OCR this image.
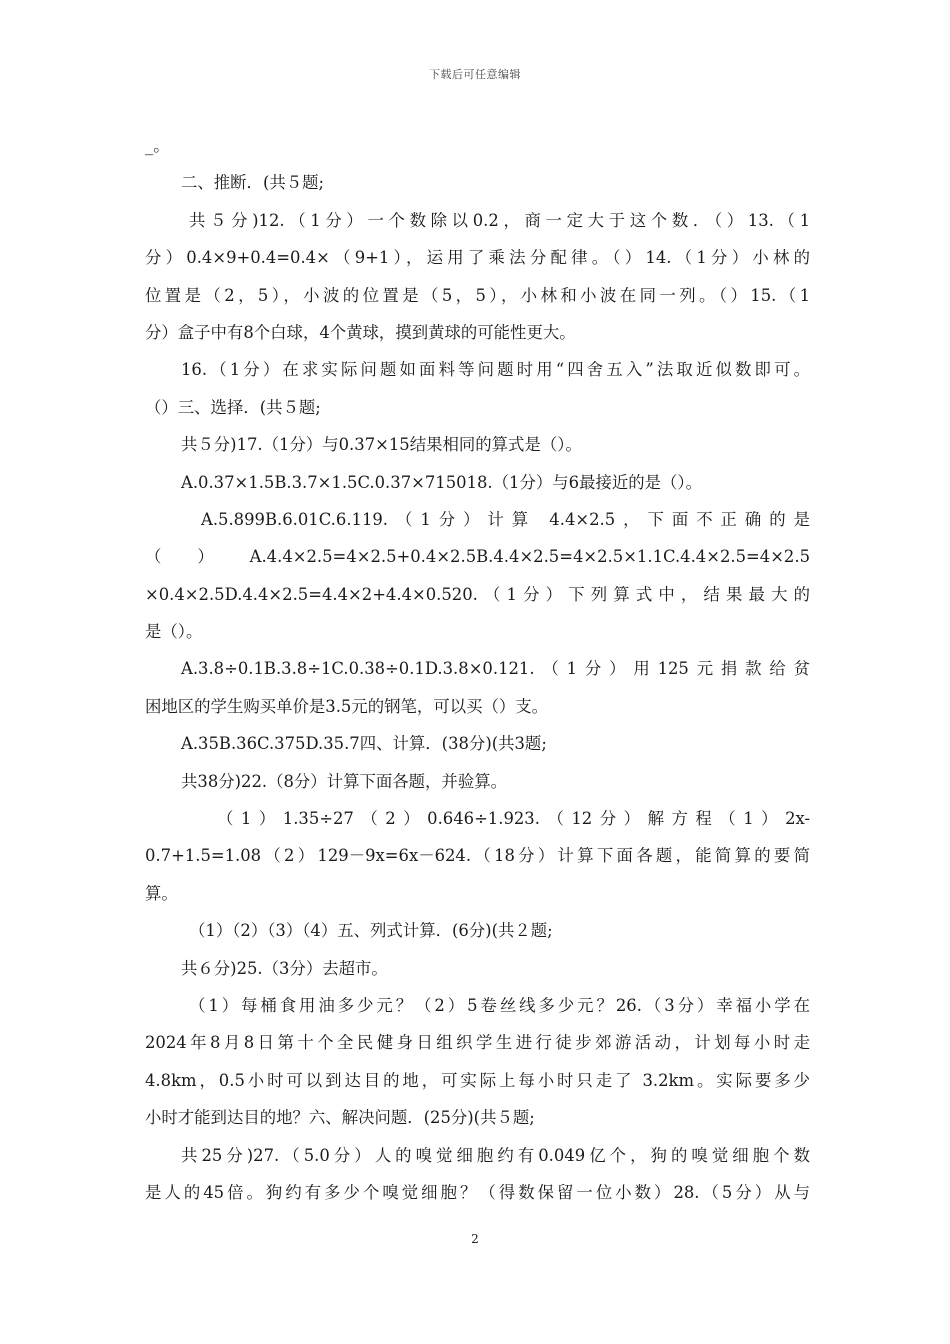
下载后可任意编辑
_。
二、推断．(共５题;
共５分)12.（1分）一个数除以0.2，商一定大于这个数．（）13.（1
分）0.4×9+0.4=0.4×（9+1），运用了乘法分配律。（）14.（1分）小林的
位置是（2，5），小波的位置是（5，5），小林和小波在同一列。（）15.（1
分）盒子中有8个白球，4个黄球，摸到黄球的可能性更大。
16.（1分）在求实际问题如面料等问题时用“四舍五入”法取近似数即可。
（）三、选择．(共５题;
共５分)17.（1分）与0.37×15结果相同的算式是（）。
A.0.37×1.5B.3.7×1.5C.0.37×715018.（1分）与6最接近的是（）。
A.5.899B.6.01C.6.119.（1分）计算 4.4×2.5，下面不正确的是
（）A.4.4×2.5=4×2.5+0.4×2.5B.4.4×2.5=4×2.5×1.1C.4.4×2.5=4×2.5
×0.4×2.5D.4.4×2.5=4.4×2+4.4×0.520.（1分）下列算式中，结果最大的
是（）。
A.3.8÷0.1B.3.8÷1C.0.38÷0.1D.3.8×0.121.（1分）用125元捐款给贫
困地区的学生购买单价是3.5元的钢笔，可以买（）支。
A.35B.36C.375D.35.7四、计算．(38分)(共3题;
共38分)22.（8分）计算下面各题，并验算。
（1）1.35÷27（2）0.646÷1.923.（12分）解方程（1）2x-
0.7+1.5=1.08（2）129－9x=6x－624.（18分）计算下面各题，能简算的要简
算。
（1）（2）（3）（4）五、列式计算．(6分)(共２题;
共６分)25.（3分）去超市。
（1）每桶食用油多少元？（2）5卷丝线多少元？26.（3分）幸福小学在
2024年8月8日第十个全民健身日组织学生进行徒步郊游活动，计划每小时走
4.8km，0.5小时可以到达目的地，可实际上每小时只走了 3.2km。实际要多少
小时才能到达目的地？六、解决问题．(25分)(共５题;
共25分)27.（5.0分）人的嗅觉细胞约有0.049亿个，狗的嗅觉细胞个数
是人的45倍。狗约有多少个嗅觉细胞？（得数保留一位小数）28.（5分）从与
2
